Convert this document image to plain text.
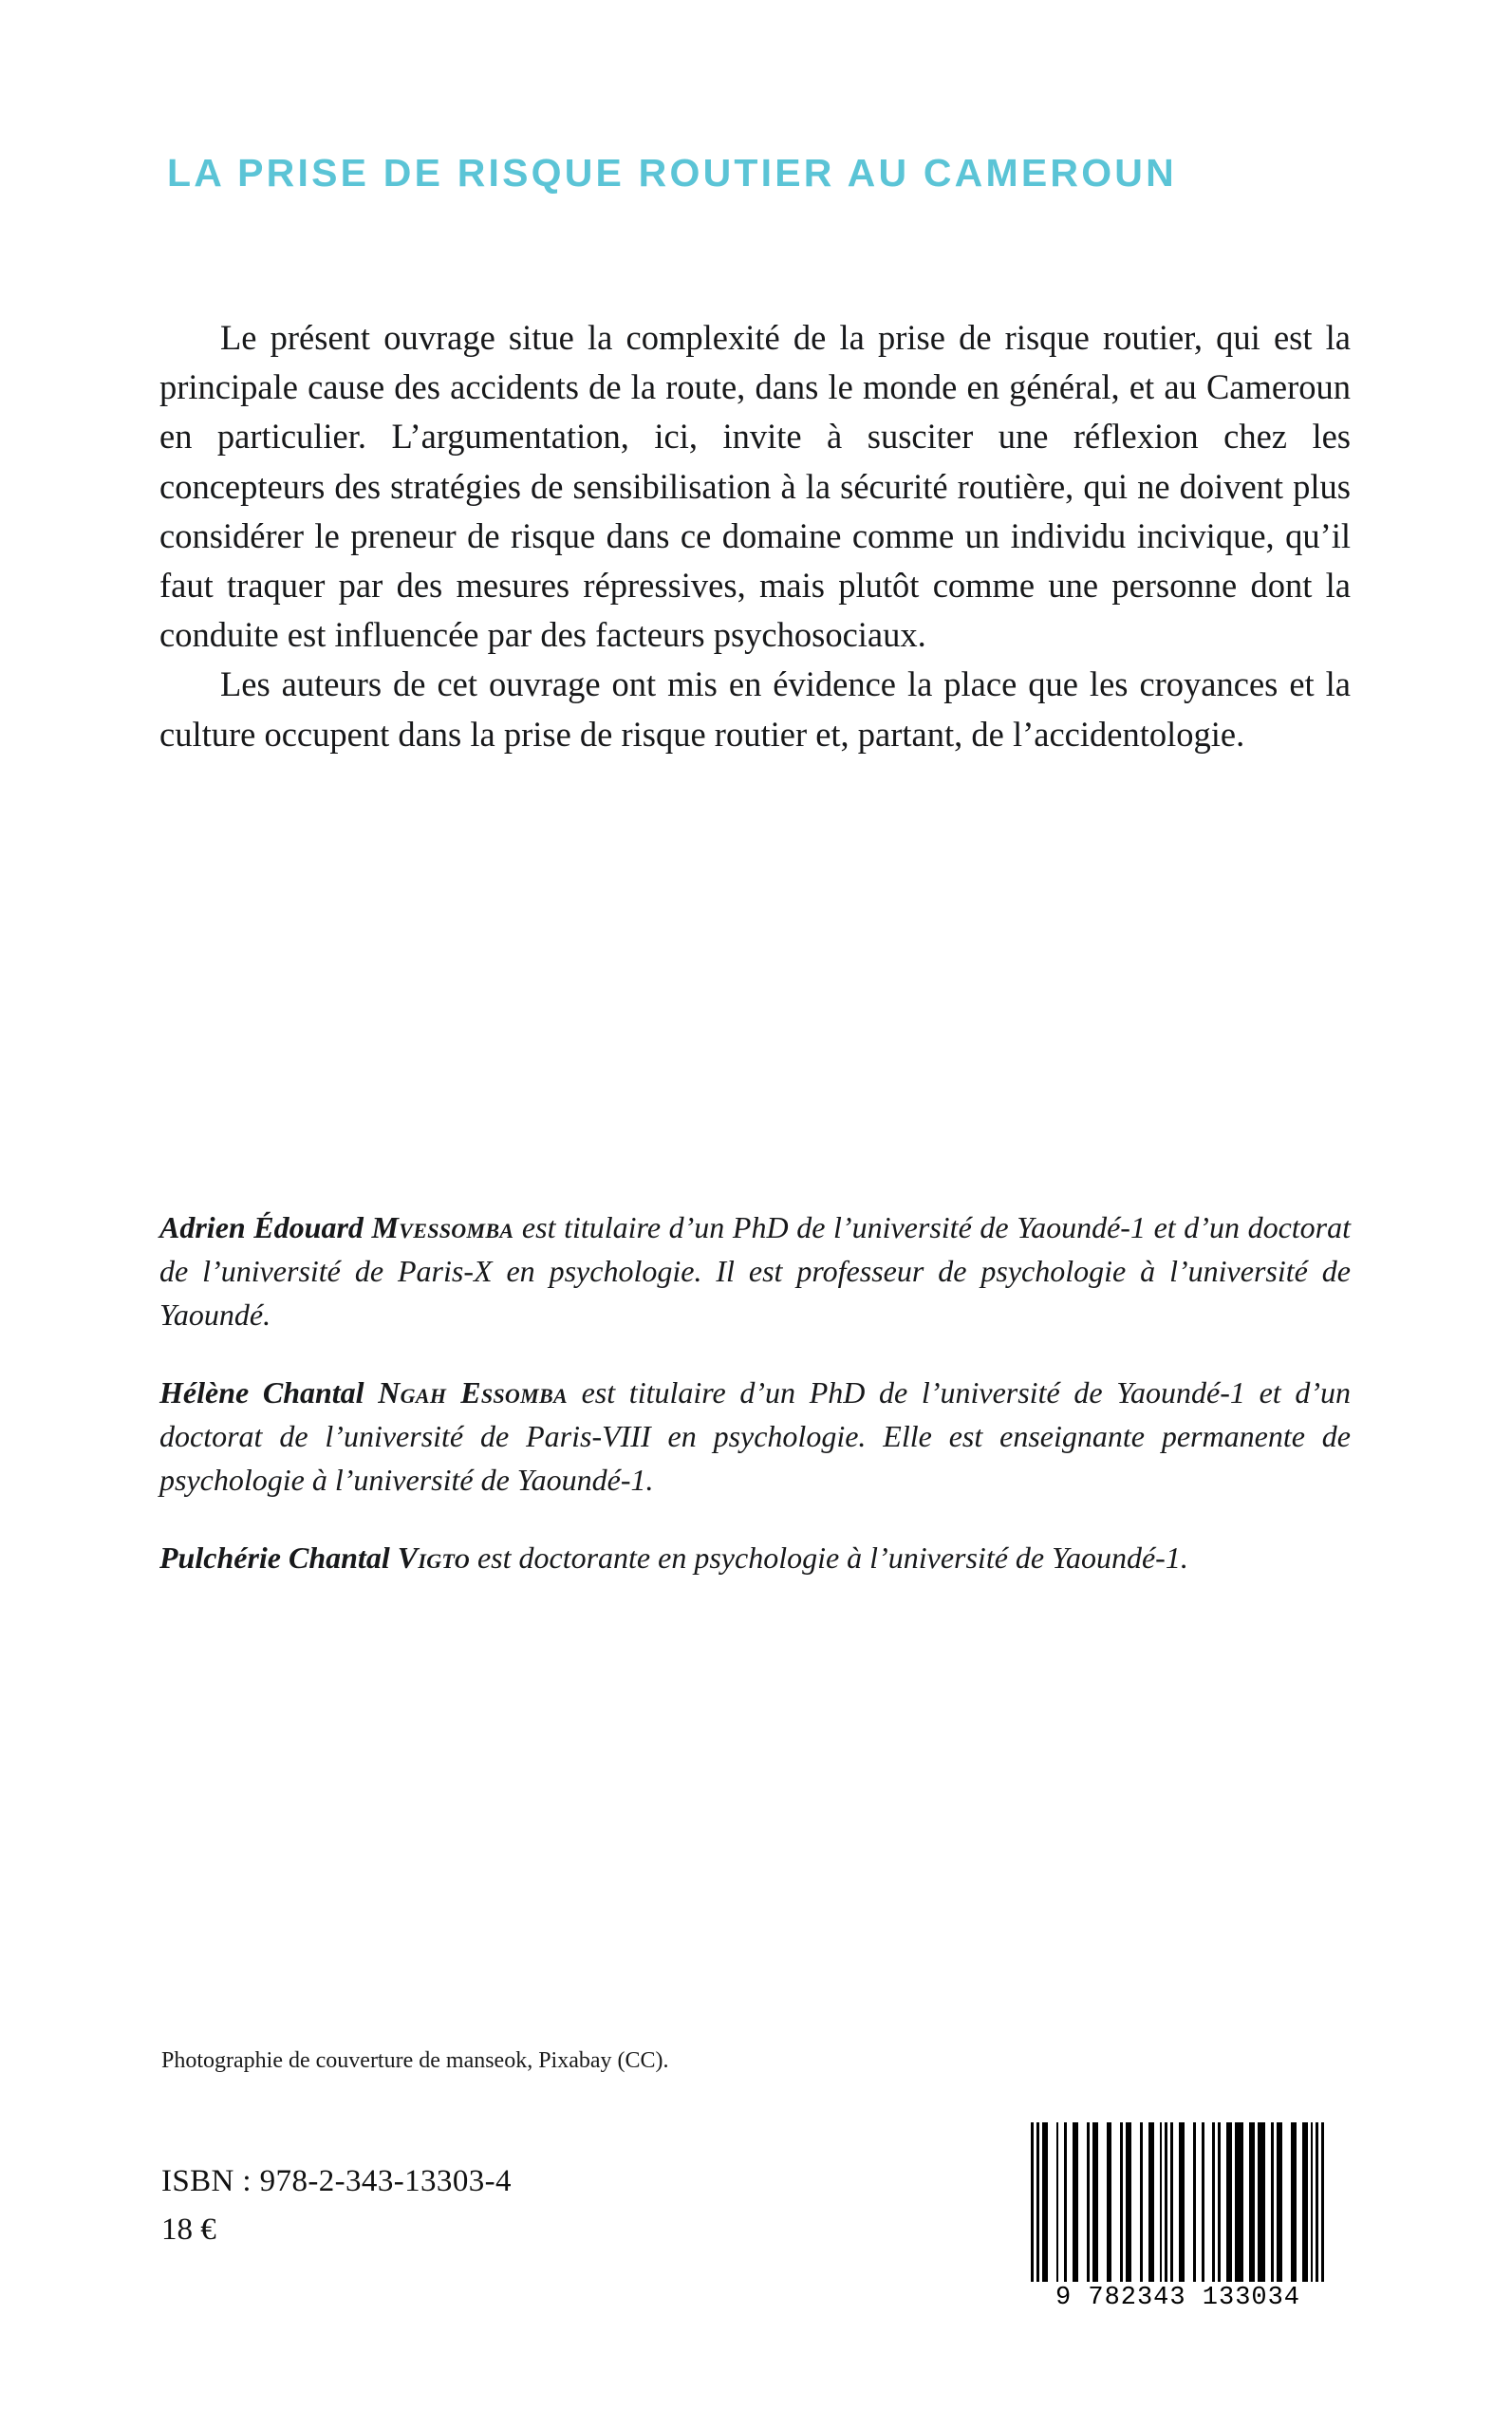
LA PRISE DE RISQUE ROUTIER AU CAMEROUN

Le présent ouvrage situe la complexité de la prise de risque routier, qui est la principale cause des accidents de la route, dans le monde en général, et au Cameroun en particulier. L’argumentation, ici, invite à susciter une réflexion chez les concepteurs des stratégies de sensibilisation à la sécurité routière, qui ne doivent plus considérer le preneur de risque dans ce domaine comme un individu incivique, qu’il faut traquer par des mesures répressives, mais plutôt comme une personne dont la conduite est influencée par des facteurs psychosociaux.

Les auteurs de cet ouvrage ont mis en évidence la place que les croyances et la culture occupent dans la prise de risque routier et, partant, de l’accidentologie.

Adrien Édouard Mvessomba est titulaire d’un PhD de l’université de Yaoundé-1 et d’un doctorat de l’université de Paris-X en psychologie. Il est professeur de psychologie à l’université de Yaoundé.
Hélène Chantal Ngah Essomba est titulaire d’un PhD de l’université de Yaoundé-1 et d’un doctorat de l’université de Paris-VIII en psychologie. Elle est enseignante permanente de psychologie à l’université de Yaoundé-1.
Pulchérie Chantal Vigto est doctorante en psychologie à l’université de Yaoundé-1.
Photographie de couverture de manseok, Pixabay (CC).
ISBN : 978-2-343-13303-4
18 €
9 782343 133034
